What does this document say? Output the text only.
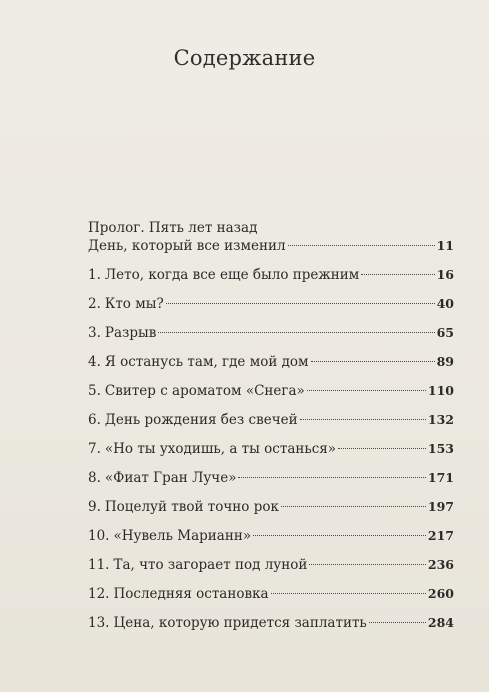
Содержание
Пролог. Пять лет назад
День, который все изменил	11
1. Лето, когда все еще было прежним	16
2. Кто мы?	40
3. Разрыв	65
4. Я останусь там, где мой дом	89
5. Свитер с ароматом «Снега»	110
6. День рождения без свечей	132
7. «Но ты уходишь, а ты останься»	153
8. «Фиат Гран Луче»	171
9. Поцелуй твой точно рок	197
10. «Нувель Марианн»	217
11. Та, что загорает под луной	236
12. Последняя остановка	260
13. Цена, которую придется заплатить	284
